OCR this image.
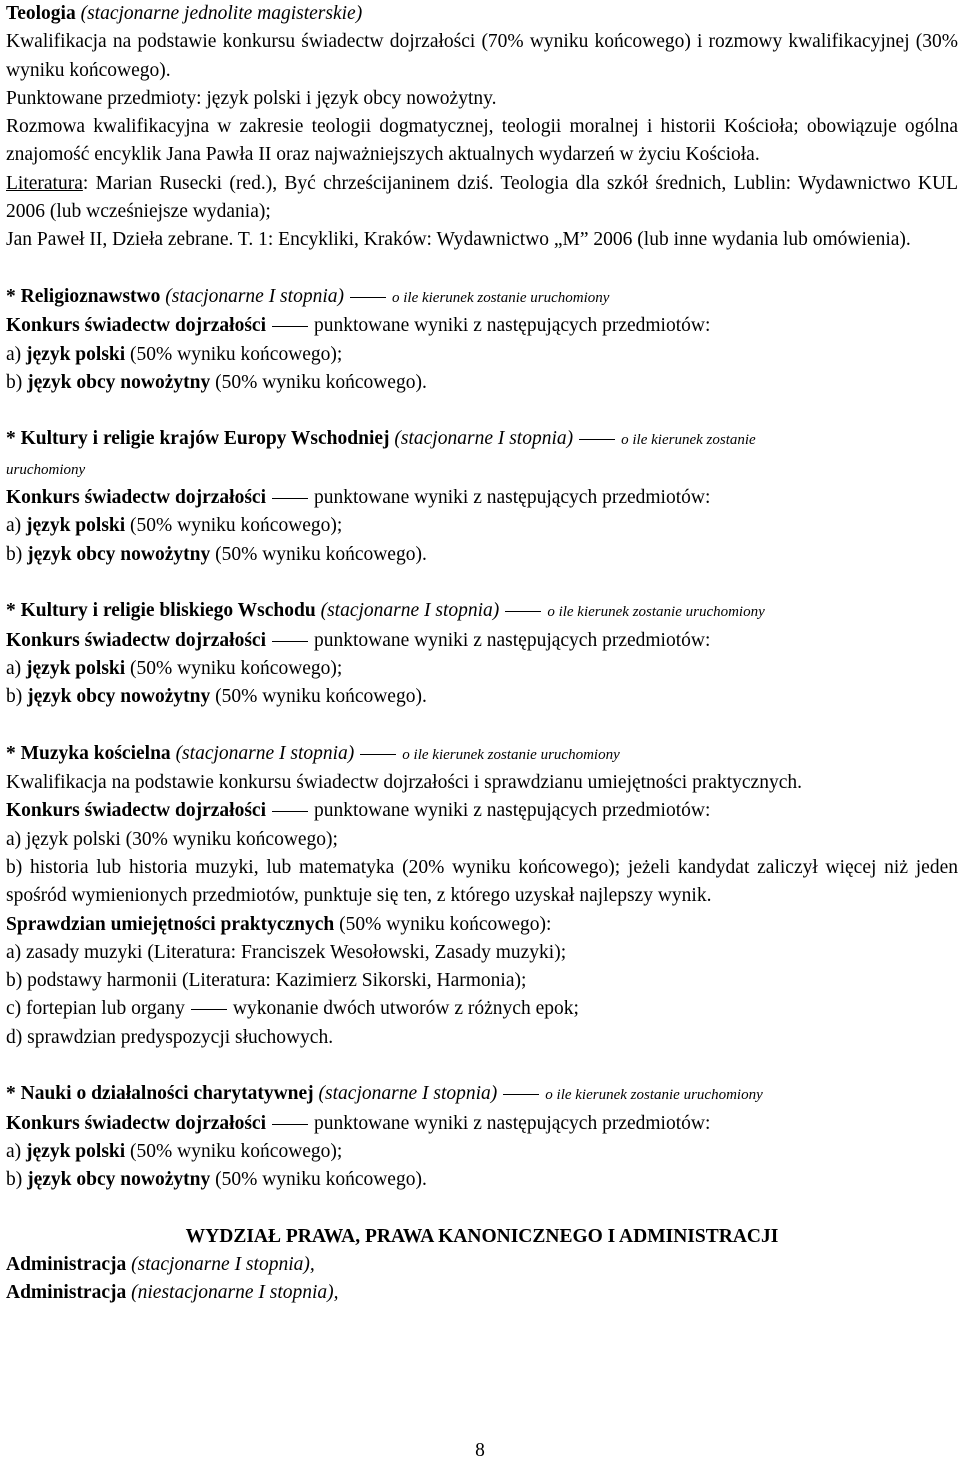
Teologia (stacjonarne jednolite magisterskie)

Kwalifikacja na podstawie konkursu świadectw dojrzałości (70% wyniku końcowego) i rozmowy kwalifikacyjnej (30% wyniku końcowego).

Punktowane przedmioty: język polski i język obcy nowożytny.

Rozmowa kwalifikacyjna w zakresie teologii dogmatycznej, teologii moralnej i historii Kościoła; obowiązuje ogólna znajomość encyklik Jana Pawła II oraz najważniejszych aktualnych wydarzeń w życiu Kościoła.

Literatura: Marian Rusecki (red.), Być chrześcijaninem dziś. Teologia dla szkół średnich, Lublin: Wydawnictwo KUL 2006 (lub wcześniejsze wydania);

Jan Paweł II, Dzieła zebrane. T. 1: Encykliki, Kraków: Wydawnictwo „M” 2006 (lub inne wydania lub omówienia).

* Religioznawstwo (stacjonarne I stopnia)	o ile kierunek zostanie uruchomiony

Konkurs świadectw dojrzałości punktowane wyniki z następujących przedmiotów:

a) język polski (50% wyniku końcowego);

b) język obcy nowożytny (50% wyniku końcowego).

* Kultury i religie krajów Europy Wschodniej (stacjonarne I stopnia)	o ile kierunek zostanie

uruchomiony

Konkurs świadectw dojrzałości punktowane wyniki z następujących przedmiotów:

a) język polski (50% wyniku końcowego);

b) język obcy nowożytny (50% wyniku końcowego).

* Kultury i religie bliskiego Wschodu (stacjonarne I stopnia)	o ile kierunek zostanie uruchomiony

Konkurs świadectw dojrzałości punktowane wyniki z następujących przedmiotów:

a) język polski (50% wyniku końcowego);

b) język obcy nowożytny (50% wyniku końcowego).

* Muzyka kościelna (stacjonarne I stopnia)	o ile kierunek zostanie uruchomiony

Kwalifikacja na podstawie konkursu świadectw dojrzałości i sprawdzianu umiejętności praktycznych.

Konkurs świadectw dojrzałości punktowane wyniki z następujących przedmiotów:

a) język polski (30% wyniku końcowego);

b) historia lub historia muzyki, lub matematyka (20% wyniku końcowego); jeżeli kandydat zaliczył więcej niż jeden spośród wymienionych przedmiotów, punktuje się ten, z którego uzyskał najlepszy wynik.

Sprawdzian umiejętności praktycznych (50% wyniku końcowego):

a) zasady muzyki (Literatura: Franciszek Wesołowski, Zasady muzyki);

b) podstawy harmonii (Literatura: Kazimierz Sikorski, Harmonia);

c) fortepian lub organy wykonanie dwóch utworów z różnych epok;

d) sprawdzian predyspozycji słuchowych.

* Nauki o działalności charytatywnej (stacjonarne I stopnia)	o ile kierunek zostanie uruchomiony

Konkurs świadectw dojrzałości punktowane wyniki z następujących przedmiotów:

a) język polski (50% wyniku końcowego);

b) język obcy nowożytny (50% wyniku końcowego).

WYDZIAŁ PRAWA, PRAWA KANONICZNEGO I ADMINISTRACJI

Administracja (stacjonarne I stopnia),

Administracja (niestacjonarne I stopnia),

8
